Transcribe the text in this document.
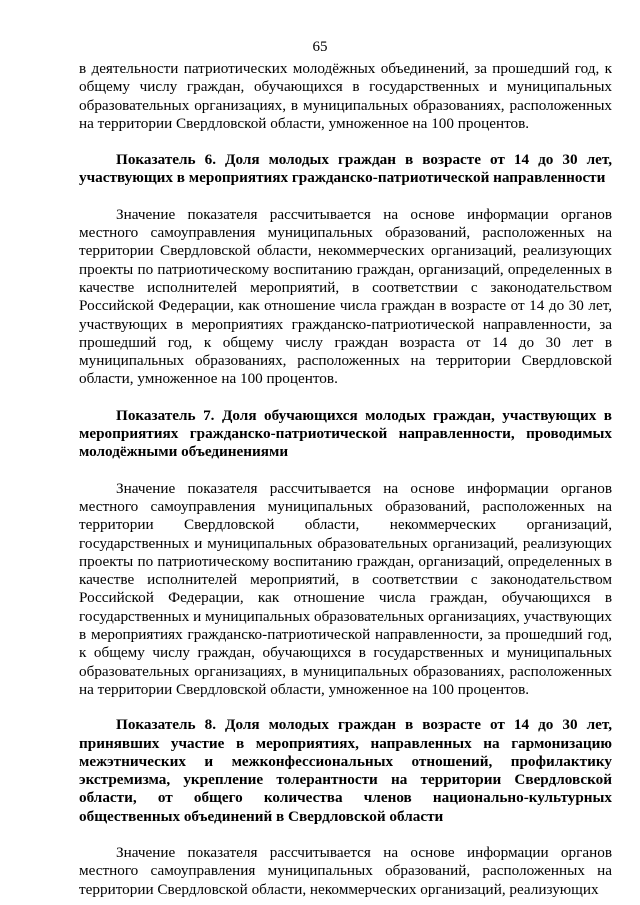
65

в деятельности патриотических молодёжных объединений, за прошедший год, к общему числу граждан, обучающихся в государственных и муниципальных образовательных организациях, в муниципальных образованиях, расположенных на территории Свердловской области, умноженное на 100 процентов.

Показатель 6. Доля молодых граждан в возрасте от 14 до 30 лет, участвующих в мероприятиях гражданско-патриотической направленности

Значение показателя рассчитывается на основе информации органов местного самоуправления муниципальных образований, расположенных на территории Свердловской области, некоммерческих организаций, реализующих проекты по патриотическому воспитанию граждан, организаций, определенных в качестве исполнителей мероприятий, в соответствии с законодательством Российской Федерации, как отношение числа граждан в возрасте от 14 до 30 лет, участвующих в мероприятиях гражданско-патриотической направленности, за прошедший год, к общему числу граждан возраста от 14 до 30 лет в муниципальных образованиях, расположенных на территории Свердловской области, умноженное на 100 процентов.

Показатель 7. Доля обучающихся молодых граждан, участвующих в мероприятиях гражданско-патриотической направленности, проводимых молодёжными объединениями

Значение показателя рассчитывается на основе информации органов местного самоуправления муниципальных образований, расположенных на территории Свердловской области, некоммерческих организаций, государственных и муниципальных образовательных организаций, реализующих проекты по патриотическому воспитанию граждан, организаций, определенных в качестве исполнителей мероприятий, в соответствии с законодательством Российской Федерации, как отношение числа граждан, обучающихся в государственных и муниципальных образовательных организациях, участвующих в мероприятиях гражданско-патриотической направленности, за прошедший год, к общему числу граждан, обучающихся в государственных и муниципальных образовательных организациях, в муниципальных образованиях, расположенных на территории Свердловской области, умноженное на 100 процентов.

Показатель 8. Доля молодых граждан в возрасте от 14 до 30 лет, принявших участие в мероприятиях, направленных на гармонизацию межэтнических и межконфессиональных отношений, профилактику экстремизма, укрепление толерантности на территории Свердловской области, от общего количества членов национально-культурных общественных объединений в Свердловской области

Значение показателя рассчитывается на основе информации органов местного самоуправления муниципальных образований, расположенных на территории Свердловской области, некоммерческих организаций, реализующих
